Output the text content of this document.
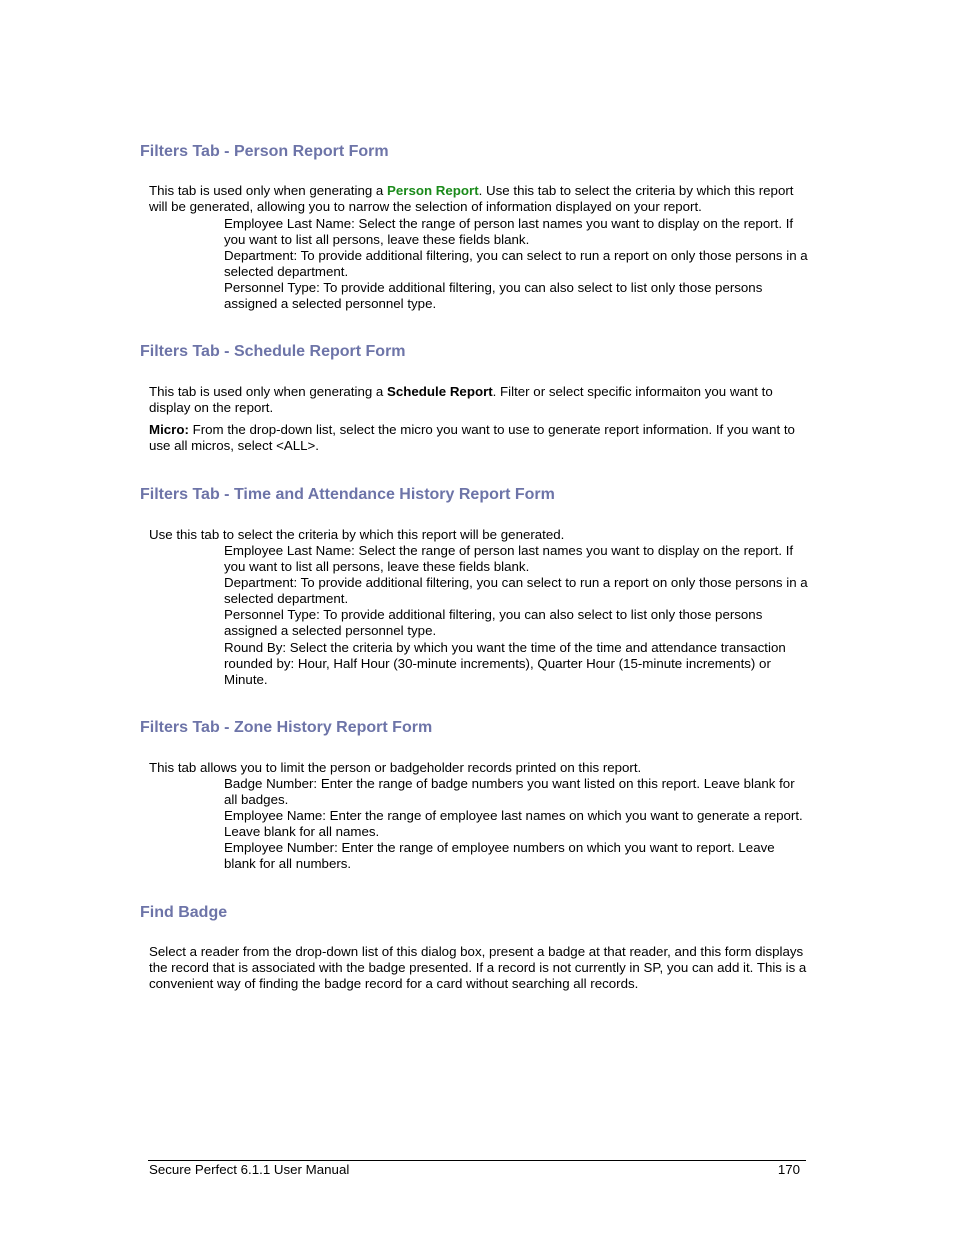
Filters Tab - Person Report Form

This tab is used only when generating a Person Report. Use this tab to select the criteria by which this report will be generated, allowing you to narrow the selection of information displayed on your report.

Employee Last Name: Select the range of person last names you want to display on the report. If you want to list all persons, leave these fields blank.

Department: To provide additional filtering, you can select to run a report on only those persons in a selected department.

Personnel Type: To provide additional filtering, you can also select to list only those persons assigned a selected personnel type.

Filters Tab - Schedule Report Form

This tab is used only when generating a Schedule Report. Filter or select specific informaiton you want to display on the report.

Micro: From the drop-down list, select the micro you want to use to generate report information. If you want to use all micros, select <ALL>.

Filters Tab - Time and Attendance History Report Form

Use this tab to select the criteria by which this report will be generated.

Employee Last Name: Select the range of person last names you want to display on the report. If you want to list all persons, leave these fields blank.

Department: To provide additional filtering, you can select to run a report on only those persons in a selected department.

Personnel Type: To provide additional filtering, you can also select to list only those persons assigned a selected personnel type.

Round By: Select the criteria by which you want the time of the time and attendance transaction rounded by: Hour, Half Hour (30-minute increments), Quarter Hour (15-minute increments) or Minute.

Filters Tab - Zone History Report Form

This tab allows you to limit the person or badgeholder records printed on this report.

Badge Number: Enter the range of badge numbers you want listed on this report. Leave blank for all badges.

Employee Name: Enter the range of employee last names on which you want to generate a report. Leave blank for all names.

Employee Number: Enter the range of employee numbers on which you want to report. Leave blank for all numbers.

Find Badge

Select a reader from the drop-down list of this dialog box, present a badge at that reader, and this form displays the record that is associated with the badge presented. If a record is not currently in SP, you can add it. This is a convenient way of finding the badge record for a card without searching all records.

Secure Perfect 6.1.1 User Manual	170
